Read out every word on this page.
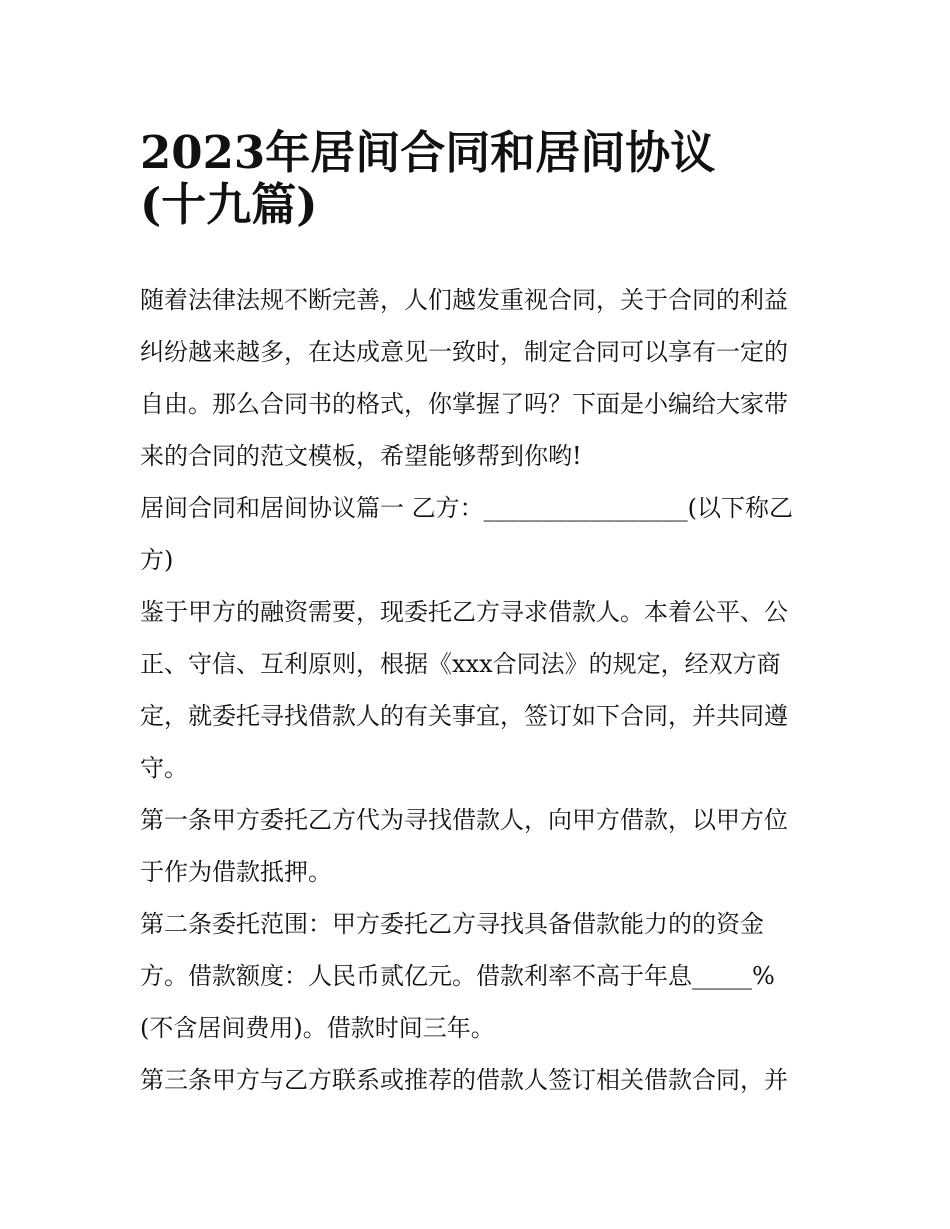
2023年居间合同和居间协议
(十九篇)
随着法律法规不断完善，人们越发重视合同，关于合同的利益
纠纷越来越多，在达成意见一致时，制定合同可以享有一定的
自由。那么合同书的格式，你掌握了吗？下面是小编给大家带
来的合同的范文模板，希望能够帮到你哟!
居间合同和居间协议篇一 乙方：_________________(以下称乙
方)
鉴于甲方的融资需要，现委托乙方寻求借款人。本着公平、公
正、守信、互利原则，根据《xxx合同法》的规定，经双方商
定，就委托寻找借款人的有关事宜，签订如下合同，并共同遵
守。
第一条甲方委托乙方代为寻找借款人，向甲方借款，以甲方位
于作为借款抵押。
第二条委托范围：甲方委托乙方寻找具备借款能力的的资金
方。借款额度：人民币贰亿元。借款利率不高于年息_____%
(不含居间费用)。借款时间三年。
第三条甲方与乙方联系或推荐的借款人签订相关借款合同，并
